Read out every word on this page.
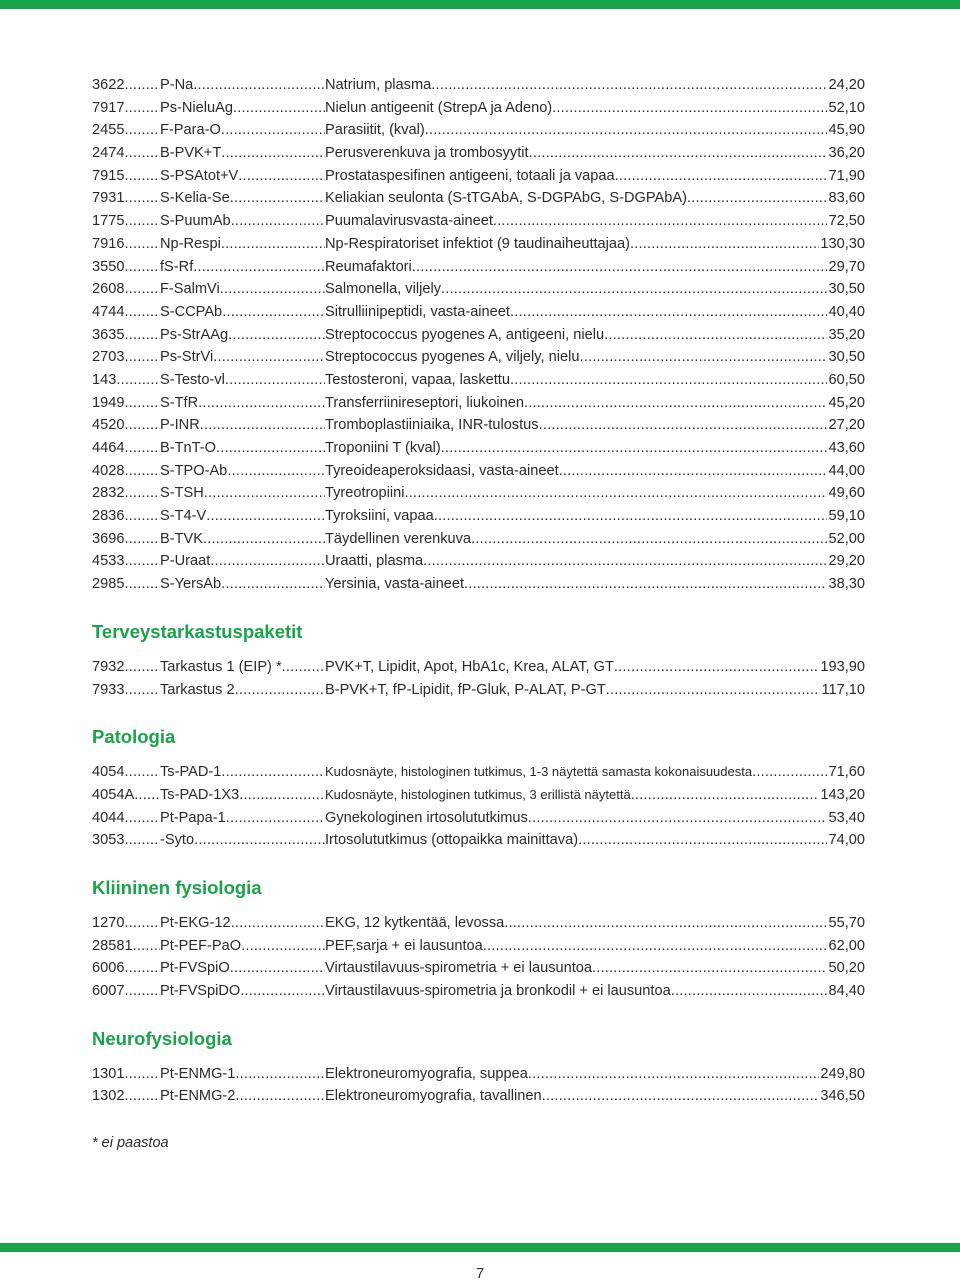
3622 ..... P-Na .....	Natrium, plasma .....	24,20
7917 ..... Ps-NieluAg .....	Nielun antigeenit (StrepA ja Adeno) .....	52,10
2455 ..... F-Para-O .....	Parasiitit, (kval) .....	45,90
2474 ..... B-PVK+T .....	Perusverenkuva ja trombosyytit .....	36,20
7915 ..... S-PSAtot+V .....	Prostataspesifinen antigeeni, totaali ja vapaa .....	71,90
7931 ..... S-Kelia-Se .....	Keliakian seulonta (S-tTGAbA, S-DGPAbG, S-DGPAbA) .....	83,60
1775 ..... S-PuumAb .....	Puumalavirusvasta-aineet .....	72,50
7916 ..... Np-Respi .....	Np-Respiratoriset infektiot (9 taudinaiheuttajaa) .....	130,30
3550 ..... fS-Rf .....	Reumafaktori .....	29,70
2608 ..... F-SalmVi .....	Salmonella, viljely .....	30,50
4744 ..... S-CCPAb .....	Sitrulliinipeptidi, vasta-aineet .....	40,40
3635 ..... Ps-StrAAg .....	Streptococcus pyogenes A, antigeeni, nielu .....	35,20
2703 ..... Ps-StrVi .....	Streptococcus pyogenes A, viljely, nielu .....	30,50
143 .....	S-Testo-vl .....	Testosteroni, vapaa, laskettu .....	60,50
1949 ..... S-TfR .....	Transferriinireseptori, liukoinen .....	45,20
4520 ..... P-INR .....	Tromboplastiiniaika, INR-tulostus .....	27,20
4464 ..... B-TnT-O .....	Troponiini T (kval) .....	43,60
4028 ..... S-TPO-Ab .....	Tyreoideaperoksidaasi, vasta-aineet .....	44,00
2832 ..... S-TSH .....	Tyreotropiini .....	49,60
2836 ..... S-T4-V .....	Tyroksiini, vapaa .....	59,10
3696 ..... B-TVK .....	Täydellinen verenkuva .....	52,00
4533 ..... P-Uraat .....	Uraatti, plasma .....	29,20
2985 ..... S-YersAb .....	Yersinia, vasta-aineet .....	38,30
Terveystarkastuspaketit
7932 ..... Tarkastus 1 (EIP) * .....	PVK+T, Lipidit, Apot, HbA1c, Krea, ALAT, GT .....	193,90
7933 ..... Tarkastus 2 .....	B-PVK+T, fP-Lipidit, fP-Gluk, P-ALAT, P-GT .....	117,10
Patologia
4054 ..... Ts-PAD-1 .....	Kudosnäyte, histologinen tutkimus, 1-3 näytettä samasta kokonaisuudesta .....	71,60
4054A ..... Ts-PAD-1X3 .....	Kudosnäyte, histologinen tutkimus, 3 erillistä näytettä .....	143,20
4044 ..... Pt-Papa-1 .....	Gynekologinen irtosolututkimus .....	53,40
3053 ..... -Syto .....	Irtosolututkimus (ottopaikka mainittava) .....	74,00
Kliininen fysiologia
1270 ..... Pt-EKG-12 .....	EKG, 12 kytkentää, levossa .....	55,70
28581 ..... Pt-PEF-PaO .....	PEF,sarja + ei lausuntoa .....	62,00
6006 ..... Pt-FVSpiO .....	Virtaustilavuus-spirometria + ei lausuntoa .....	50,20
6007 ..... Pt-FVSpiDO .....	Virtaustilavuus-spirometria ja bronkodil + ei lausuntoa .....	84,40
Neurofysiologia
1301 ..... Pt-ENMG-1 .....	Elektroneuromyografia, suppea .....	249,80
1302 ..... Pt-ENMG-2 .....	Elektroneuromyografia, tavallinen .....	346,50
* ei paastoa
7
